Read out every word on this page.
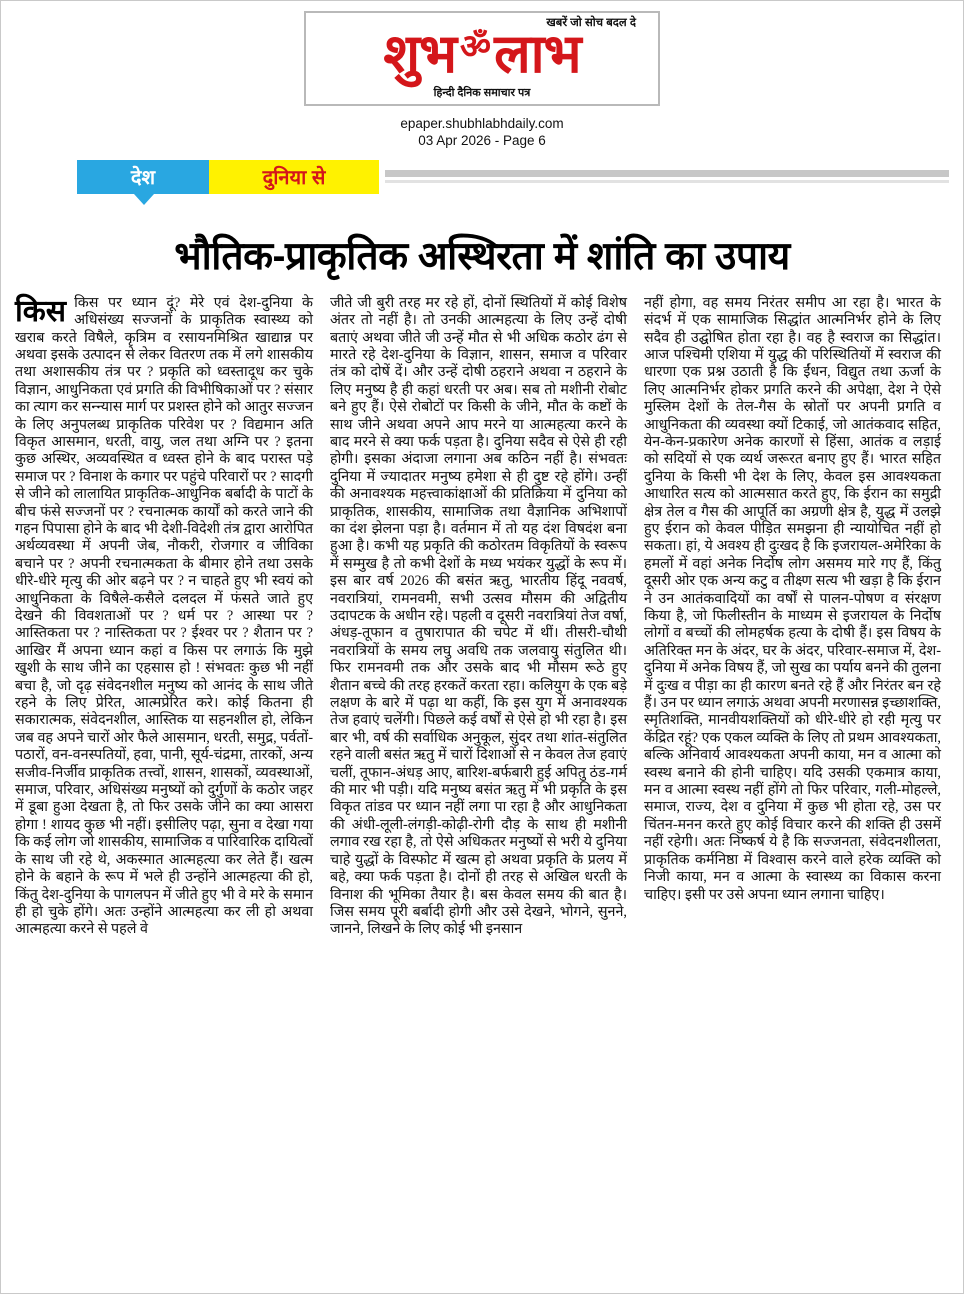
खबरें जो सोच बदल दे
शुभ ॐलाभ
हिन्दी दैनिक समाचार पत्र
epaper.shubhlabhdaily.com
03 Apr 2026 - Page 6
देश	दुनिया से
भौतिक-प्राकृतिक अस्थिरता में शांति का उपाय
किस किस पर ध्यान दूं? मेरे एवं देश-दुनिया के अधिसंख्य सज्जनों के प्राकृतिक स्वास्थ्य को खराब करते विषैले, कृत्रिम व रसायनमिश्रित खाद्यान्न पर अथवा इसके उत्पादन से लेकर वितरण तक में लगे शासकीय तथा अशासकीय तंत्र पर ? प्रकृति को ध्वस्तादूध कर चुके विज्ञान, आधुनिकता एवं प्रगति की विभीषिकाओं पर ? संसार का त्याग कर सन्न्यास मार्ग पर प्रशस्त होने को आतुर सज्जन के लिए अनुपलब्ध प्राकृतिक परिवेश पर ? विद्यमान अति विकृत आसमान, धरती, वायु, जल तथा अग्नि पर ? इतना कुछ अस्थिर, अव्यवस्थित व ध्वस्त होने के बाद परास्त पड़े समाज पर ? विनाश के कगार पर पहुंचे परिवारों पर ? सादगी से जीने को लालायित प्राकृतिक-आधुनिक बर्बादी के पाटों के बीच फंसे सज्जनों पर ? रचनात्मक कार्यों को करते जाने की गहन पिपासा होने के बाद भी देशी-विदेशी तंत्र द्वारा आरोपित अर्थव्यवस्था में अपनी जेब, नौकरी, रोजगार व जीविका बचाने पर ? अपनी रचनात्मकता के बीमार होने तथा उसके धीरे-धीरे मृत्यु की ओर बढ़ने पर ? न चाहते हुए भी स्वयं को आधुनिकता के विषैले-कसैले दलदल में फंसते जाते हुए देखने की विवशताओं पर ? धर्म पर ? आस्था पर ? आस्तिकता पर ? नास्तिकता पर ? ईश्वर पर ? शैतान पर ? आखिर मैं अपना ध्यान कहां व किस पर लगाऊं कि मुझे खुशी के साथ जीने का एहसास हो ! संभवतः कुछ भी नहीं बचा है, जो दृढ़ संवेदनशील मनुष्य को आनंद के साथ जीते रहने के लिए प्रेरित, आत्मप्रेरित करे। कोई कितना ही सकारात्मक, संवेदनशील, आस्तिक या सहनशील हो, लेकिन जब वह अपने चारों ओर फैले आसमान, धरती, समुद्र, पर्वतों-पठारों, वन-वनस्पतियों, हवा, पानी, सूर्य-चंद्रमा, तारकों, अन्य सजीव-निर्जीव प्राकृतिक तत्त्वों, शासन, शासकों, व्यवस्थाओं, समाज, परिवार, अधिसंख्य मनुष्यों को दुर्गुणों के कठोर जहर में डूबा हुआ देखता है, तो फिर उसके जीने का क्या आसरा होगा ! शायद कुछ भी नहीं। इसीलिए पढ़ा, सुना व देखा गया कि कई लोग जो शासकीय, सामाजिक व पारिवारिक दायित्वों के साथ जी रहे थे, अकस्मात आत्महत्या कर लेते हैं। खत्म होने के बहाने के रूप में भले ही उन्होंने आत्महत्या की हो, किंतु देश-दुनिया के पागलपन में जीते हुए भी वे मरे के समान ही हो चुके होंगे। अतः उन्होंने आत्महत्या कर ली हो अथवा आत्महत्या करने से पहले वे

जीते जी बुरी तरह मर रहे हों, दोनों स्थितियों में कोई विशेष अंतर तो नहीं है। तो उनकी आत्महत्या के लिए उन्हें दोषी बताएं अथवा जीते जी उन्हें मौत से भी अधिक कठोर ढंग से मारते रहे देश-दुनिया के विज्ञान, शासन, समाज व परिवार तंत्र को दोषें दें। और उन्हें दोषी ठहराने अथवा न ठहराने के लिए मनुष्य है ही कहां धरती पर अब। सब तो मशीनी रोबोट बने हुए हैं। ऐसे रोबोटों पर किसी के जीने, मौत के कष्टों के साथ जीने अथवा अपने आप मरने या आत्महत्या करने के बाद मरने से क्या फर्क पड़ता है। दुनिया सदैव से ऐसे ही रही होगी। इसका अंदाजा लगाना अब कठिन नहीं है। संभवतः दुनिया में ज्यादातर मनुष्य हमेशा से ही दुष्ट रहे होंगे। उन्हीं की अनावश्यक महत्त्वाकांक्षाओं की प्रतिक्रिया में दुनिया को प्राकृतिक, शासकीय, सामाजिक तथा वैज्ञानिक अभिशापों का दंश झेलना पड़ा है। वर्तमान में तो यह दंश विषदंश बना हुआ है। कभी यह प्रकृति की कठोरतम विकृतियों के स्वरूप में सम्मुख है तो कभी देशों के मध्य भयंकर युद्धों के रूप में। इस बार वर्ष 2026 की बसंत ऋतु, भारतीय हिंदू नववर्ष, नवरात्रियां, रामनवमी, सभी उत्सव मौसम की अद्वितीय उदापटक के अधीन रहे। पहली व दूसरी नवरात्रियां तेज वर्षा, अंधड़-तूफान व तुषारापात की चपेट में थीं। तीसरी-चौथी नवरात्रियों के समय लघु अवधि तक जलवायु संतुलित थी। फिर रामनवमी तक और उसके बाद भी मौसम रूठे हुए शैतान बच्चे की तरह हरकतें करता रहा। कलियुग के एक बड़े लक्षण के बारे में पढ़ा था कहीं, कि इस युग में अनावश्यक तेज हवाएं चलेंगी। पिछले कई वर्षों से ऐसे हो भी रहा है। इस बार भी, वर्ष की सर्वाधिक अनुकूल, सुंदर तथा शांत-संतुलित रहने वाली बसंत ऋतु में चारों दिशाओं से न केवल तेज हवाएं चलीं, तूफान-अंधड़ आए, बारिश-बर्फबारी हुई अपितु ठंड-गर्म की मार भी पड़ी। यदि मनुष्य बसंत ऋतु में भी प्रकृति के इस विकृत तांडव पर ध्यान नहीं लगा पा रहा है और आधुनिकता की अंधी-लूली-लंगड़ी-कोढ़ी-रोगी दौड़ के साथ ही मशीनी लगाव रख रहा है, तो ऐसे अधिकतर मनुष्यों से भरी ये दुनिया चाहे युद्धों के विस्फोट में खत्म हो अथवा प्रकृति के प्रलय में बहे, क्या फर्क पड़ता है। दोनों ही तरह से अखिल धरती के विनाश की भूमिका तैयार है। बस केवल समय की बात है। जिस समय पूरी बर्बादी होगी और उसे देखने, भोगने, सुनने, जानने, लिखने के लिए कोई भी इनसान

नहीं होगा, वह समय निरंतर समीप आ रहा है। भारत के संदर्भ में एक सामाजिक सिद्धांत आत्मनिर्भर होने के लिए सदैव ही उद्घोषित होता रहा है। वह है स्वराज का सिद्धांत। आज पश्चिमी एशिया में युद्ध की परिस्थितियों में स्वराज की धारणा एक प्रश्न उठाती है कि ईंधन, विद्युत तथा ऊर्जा के लिए आत्मनिर्भर होकर प्रगति करने की अपेक्षा, देश ने ऐसे मुस्लिम देशों के तेल-गैस के स्रोतों पर अपनी प्रगति व आधुनिकता की व्यवस्था क्यों टिकाई, जो आतंकवाद सहित, येन-केन-प्रकारेण अनेक कारणों से हिंसा, आतंक व लड़ाई को सदियों से एक व्यर्थ जरूरत बनाए हुए हैं। भारत सहित दुनिया के किसी भी देश के लिए, केवल इस आवश्यकता आधारित सत्य को आत्मसात करते हुए, कि ईरान का समुद्री क्षेत्र तेल व गैस की आपूर्ति का अग्रणी क्षेत्र है, युद्ध में उलझे हुए ईरान को केवल पीड़ित समझना ही न्यायोचित नहीं हो सकता। हां, ये अवश्य ही दुःखद है कि इजरायल-अमेरिका के हमलों में वहां अनेक निर्दोष लोग असमय मारे गए हैं, किंतु दूसरी ओर एक अन्य कटु व तीक्ष्ण सत्य भी खड़ा है कि ईरान ने उन आतंकवादियों का वर्षों से पालन-पोषण व संरक्षण किया है, जो फिलीस्तीन के माध्यम से इजरायल के निर्दोष लोगों व बच्चों की लोमहर्षक हत्या के दोषी हैं। इस विषय के अतिरिक्त मन के अंदर, घर के अंदर, परिवार-समाज में, देश-दुनिया में अनेक विषय हैं, जो सुख का पर्याय बनने की तुलना में दुःख व पीड़ा का ही कारण बनते रहे हैं और निरंतर बन रहे हैं। उन पर ध्यान लगाऊं अथवा अपनी मरणासन्न इच्छाशक्ति, स्मृतिशक्ति, मानवीयशक्तियों को धीरे-धीरे हो रही मृत्यु पर केंद्रित रहूं? एक एकल व्यक्ति के लिए तो प्रथम आवश्यकता, बल्कि अनिवार्य आवश्यकता अपनी काया, मन व आत्मा को स्वस्थ बनाने की होनी चाहिए। यदि उसकी एकमात्र काया, मन व आत्मा स्वस्थ नहीं होंगे तो फिर परिवार, गली-मोहल्ले, समाज, राज्य, देश व दुनिया में कुछ भी होता रहे, उस पर चिंतन-मनन करते हुए कोई विचार करने की शक्ति ही उसमें नहीं रहेगी। अतः निष्कर्ष ये है कि सज्जनता, संवेदनशीलता, प्राकृतिक कर्मनिष्ठा में विश्वास करने वाले हरेक व्यक्ति को निजी काया, मन व आत्मा के स्वास्थ्य का विकास करना चाहिए। इसी पर उसे अपना ध्यान लगाना चाहिए।
